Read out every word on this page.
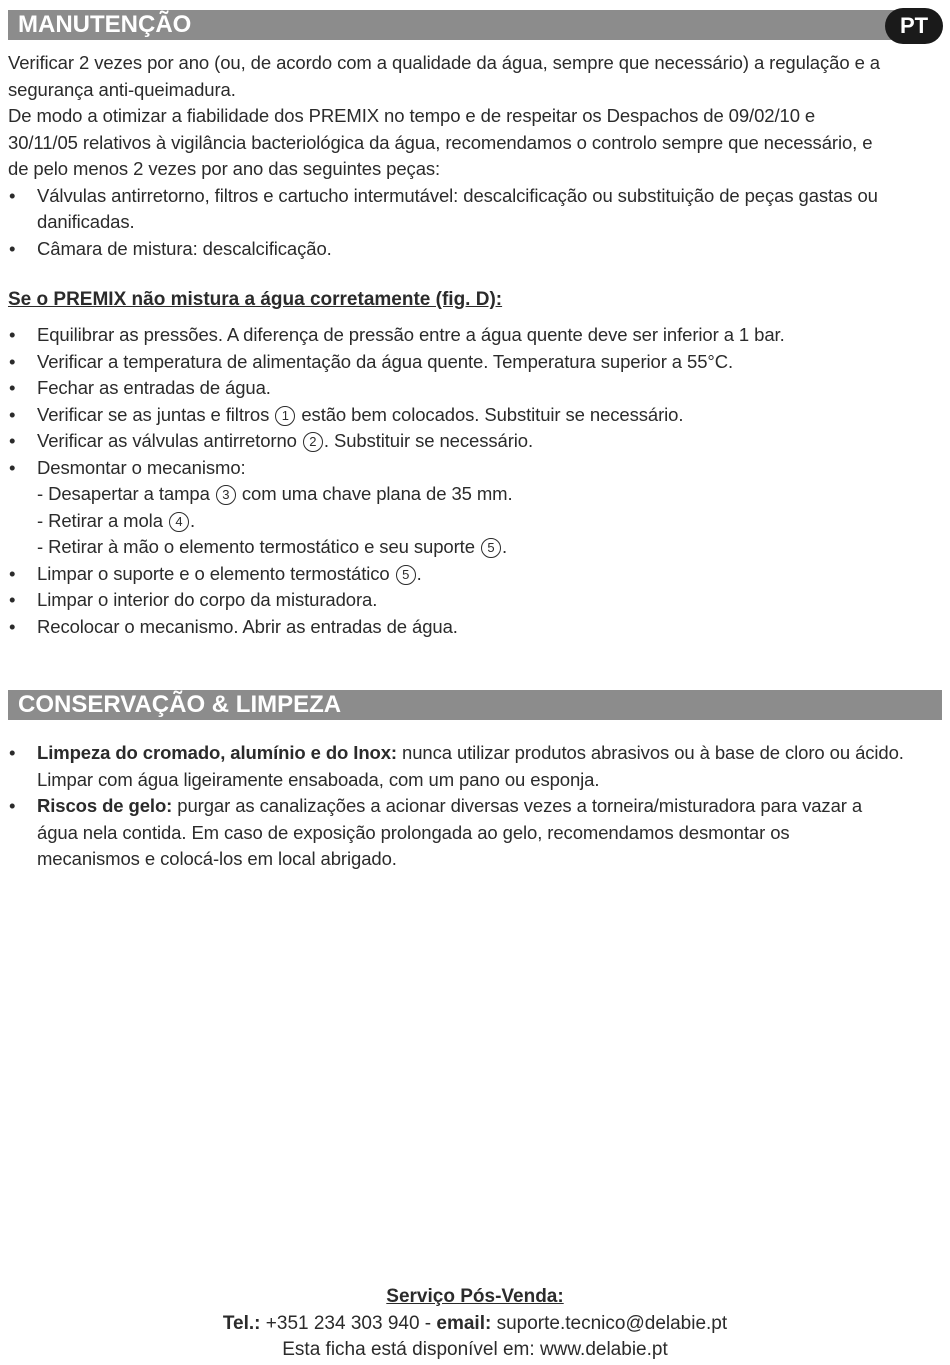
MANUTENÇÃO	PT

Verificar 2 vezes por ano (ou, de acordo com a qualidade da água, sempre que necessário) a regulação e a segurança anti-queimadura.

De modo a otimizar a fiabilidade dos PREMIX no tempo e de respeitar os Despachos de 09/02/10 e 30/11/05 relativos à vigilância bacteriológica da água, recomendamos o controlo sempre que necessário, e de pelo menos 2 vezes por ano das seguintes peças:

• Válvulas antirretorno, filtros e cartucho intermutável: descalcificação ou substituição de peças gastas ou danificadas.
• Câmara de mistura: descalcificação.
Se o PREMIX não mistura a água corretamente (fig. D):
• Equilibrar as pressões. A diferença de pressão entre a água quente deve ser inferior a 1 bar.
• Verificar a temperatura de alimentação da água quente. Temperatura superior a 55°C.
• Fechar as entradas de água.
• Verificar se as juntas e filtros 1 estão bem colocados. Substituir se necessário.
• Verificar as válvulas antirretorno 2 . Substituir se necessário.
• Desmontar o mecanismo:
- Desapertar a tampa 3 com uma chave plana de 35 mm.
- Retirar a mola 4 .
- Retirar à mão o elemento termostático e seu suporte 5 .
• Limpar o suporte e o elemento termostático 5 .
• Limpar o interior do corpo da misturadora.
• Recolocar o mecanismo. Abrir as entradas de água.
CONSERVAÇÃO & LIMPEZA
• Limpeza do cromado, alumínio e do Inox: nunca utilizar produtos abrasivos ou à base de cloro ou ácido. Limpar com água ligeiramente ensaboada, com um pano ou esponja.
• Riscos de gelo: purgar as canalizações a acionar diversas vezes a torneira/misturadora para vazar a água nela contida. Em caso de exposição prolongada ao gelo, recomendamos desmontar os mecanismos e colocá-los em local abrigado.
Serviço Pós-Venda:
Tel.: +351 234 303 940 - email: suporte.tecnico@delabie.pt
Esta ficha está disponível em: www.delabie.pt
